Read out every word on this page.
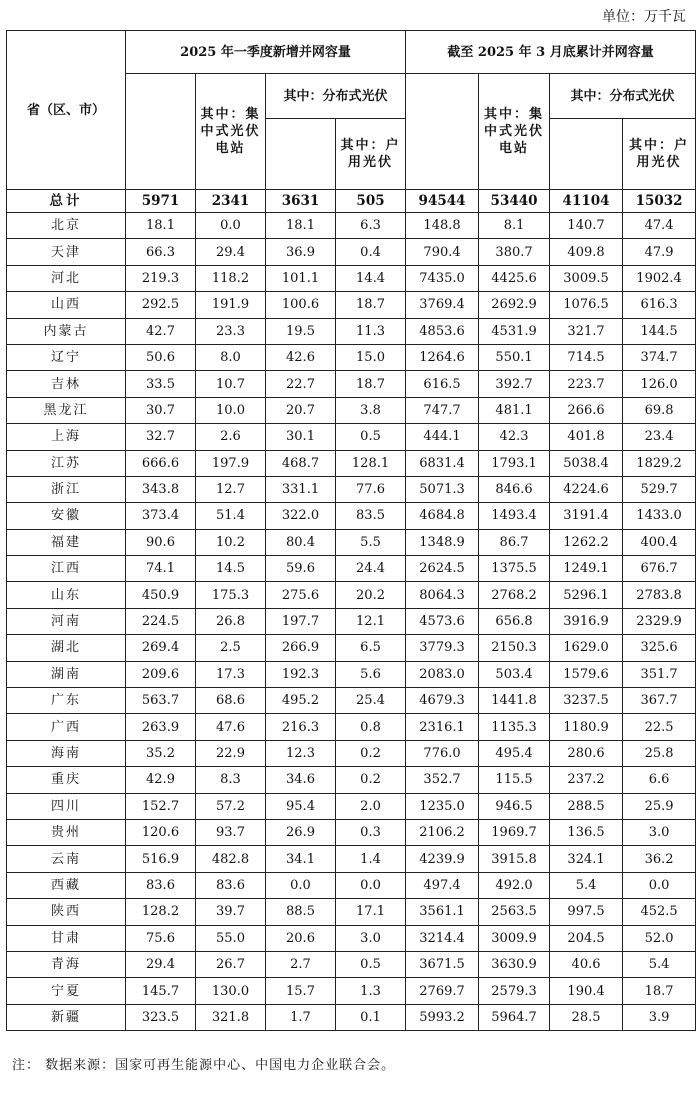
单位：万千瓦
省（区、市）	2025 年一季度新增并网容量				截至 2025 年 3 月底累计并网容量			
		其中：集中式光伏电站	其中：分布式光伏			其中：集中式光伏电站	其中：分布式光伏	
				其中：户用光伏				其中：户用光伏
总计	5971	2341	3631	505	94544	53440	41104	15032
北京	18.1	0.0	18.1	6.3	148.8	8.1	140.7	47.4
天津	66.3	29.4	36.9	0.4	790.4	380.7	409.8	47.9
河北	219.3	118.2	101.1	14.4	7435.0	4425.6	3009.5	1902.4
山西	292.5	191.9	100.6	18.7	3769.4	2692.9	1076.5	616.3
内蒙古	42.7	23.3	19.5	11.3	4853.6	4531.9	321.7	144.5
辽宁	50.6	8.0	42.6	15.0	1264.6	550.1	714.5	374.7
吉林	33.5	10.7	22.7	18.7	616.5	392.7	223.7	126.0
黑龙江	30.7	10.0	20.7	3.8	747.7	481.1	266.6	69.8
上海	32.7	2.6	30.1	0.5	444.1	42.3	401.8	23.4
江苏	666.6	197.9	468.7	128.1	6831.4	1793.1	5038.4	1829.2
浙江	343.8	12.7	331.1	77.6	5071.3	846.6	4224.6	529.7
安徽	373.4	51.4	322.0	83.5	4684.8	1493.4	3191.4	1433.0
福建	90.6	10.2	80.4	5.5	1348.9	86.7	1262.2	400.4
江西	74.1	14.5	59.6	24.4	2624.5	1375.5	1249.1	676.7
山东	450.9	175.3	275.6	20.2	8064.3	2768.2	5296.1	2783.8
河南	224.5	26.8	197.7	12.1	4573.6	656.8	3916.9	2329.9
湖北	269.4	2.5	266.9	6.5	3779.3	2150.3	1629.0	325.6
湖南	209.6	17.3	192.3	5.6	2083.0	503.4	1579.6	351.7
广东	563.7	68.6	495.2	25.4	4679.3	1441.8	3237.5	367.7
广西	263.9	47.6	216.3	0.8	2316.1	1135.3	1180.9	22.5
海南	35.2	22.9	12.3	0.2	776.0	495.4	280.6	25.8
重庆	42.9	8.3	34.6	0.2	352.7	115.5	237.2	6.6
四川	152.7	57.2	95.4	2.0	1235.0	946.5	288.5	25.9
贵州	120.6	93.7	26.9	0.3	2106.2	1969.7	136.5	3.0
云南	516.9	482.8	34.1	1.4	4239.9	3915.8	324.1	36.2
西藏	83.6	83.6	0.0	0.0	497.4	492.0	5.4	0.0
陕西	128.2	39.7	88.5	17.1	3561.1	2563.5	997.5	452.5
甘肃	75.6	55.0	20.6	3.0	3214.4	3009.9	204.5	52.0
青海	29.4	26.7	2.7	0.5	3671.5	3630.9	40.6	5.4
宁夏	145.7	130.0	15.7	1.3	2769.7	2579.3	190.4	18.7
新疆	323.5	321.8	1.7	0.1	5993.2	5964.7	28.5	3.9
注： 数据来源：国家可再生能源中心、中国电力企业联合会。
